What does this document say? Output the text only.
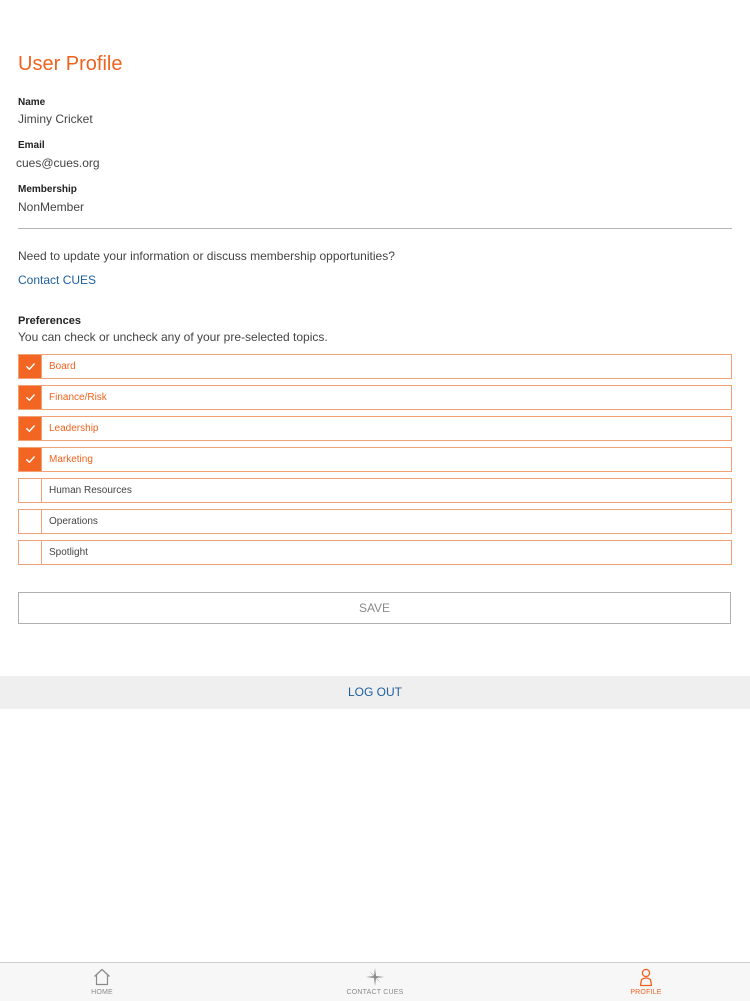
User Profile
Name
Jiminy Cricket
Email
cues@cues.org
Membership
NonMember
Need to update your information or discuss membership opportunities?
Contact CUES
Preferences
You can check or uncheck any of your pre-selected topics.
Board
Finance/Risk
Leadership
Marketing
Human Resources
Operations
Spotlight
SAVE
LOG OUT
HOME	CONTACT CUES	PROFILE
